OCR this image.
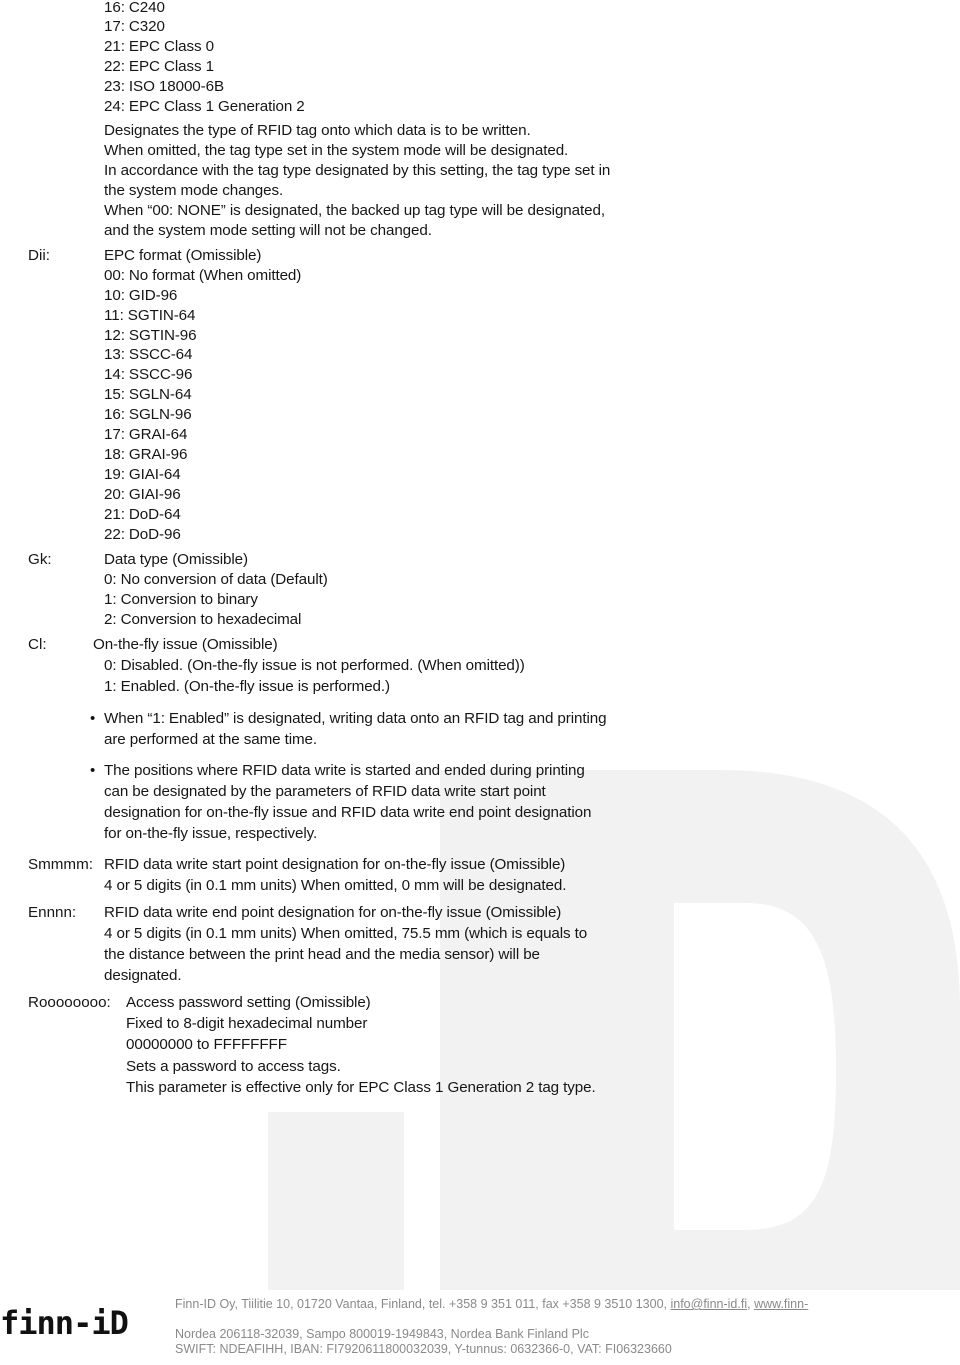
16: C240
17: C320
21: EPC Class 0
22: EPC Class 1
23: ISO 18000-6B
24: EPC Class 1 Generation 2
Designates the type of RFID tag onto which data is to be written.
When omitted, the tag type set in the system mode will be designated.
In accordance with the tag type designated by this setting, the tag type set in
the system mode changes.
When “00: NONE” is designated, the backed up tag type will be designated,
and the system mode setting will not be changed.
Dii:	EPC format (Omissible)
00: No format (When omitted)
10: GID-96
11: SGTIN-64
12: SGTIN-96
13: SSCC-64
14: SSCC-96
15: SGLN-64
16: SGLN-96
17: GRAI-64
18: GRAI-96
19: GIAI-64
20: GIAI-96
21: DoD-64
22: DoD-96
Gk:	Data type (Omissible)
0: No conversion of data (Default)
1: Conversion to binary
2: Conversion to hexadecimal
Cl:	On-the-fly issue (Omissible)
0: Disabled. (On-the-fly issue is not performed. (When omitted))
1: Enabled. (On-the-fly issue is performed.)
• When “1: Enabled” is designated, writing data onto an RFID tag and printing
are performed at the same time.
• The positions where RFID data write is started and ended during printing
can be designated by the parameters of RFID data write start point
designation for on-the-fly issue and RFID data write end point designation
for on-the-fly issue, respectively.
Smmmm: RFID data write start point designation for on-the-fly issue (Omissible)
4 or 5 digits (in 0.1 mm units) When omitted, 0 mm will be designated.
Ennnn: RFID data write end point designation for on-the-fly issue (Omissible)
4 or 5 digits (in 0.1 mm units) When omitted, 75.5 mm (which is equals to
the distance between the print head and the media sensor) will be
designated.
Roooooooo: Access password setting (Omissible)
Fixed to 8-digit hexadecimal number
00000000 to FFFFFFFF
Sets a password to access tags.
This parameter is effective only for EPC Class 1 Generation 2 tag type.
finn-iD	Finn-ID Oy, Tiilitie 10, 01720 Vantaa, Finland, tel. +358 9 351 011, fax +358 9 3510 1300, info@finn-id.fi, www.finn-
Nordea 206118-32039, Sampo 800019-1949843, Nordea Bank Finland Plc
SWIFT: NDEAFIHH, IBAN: FI7920611800032039, Y-tunnus: 0632366-0, VAT: FI06323660
